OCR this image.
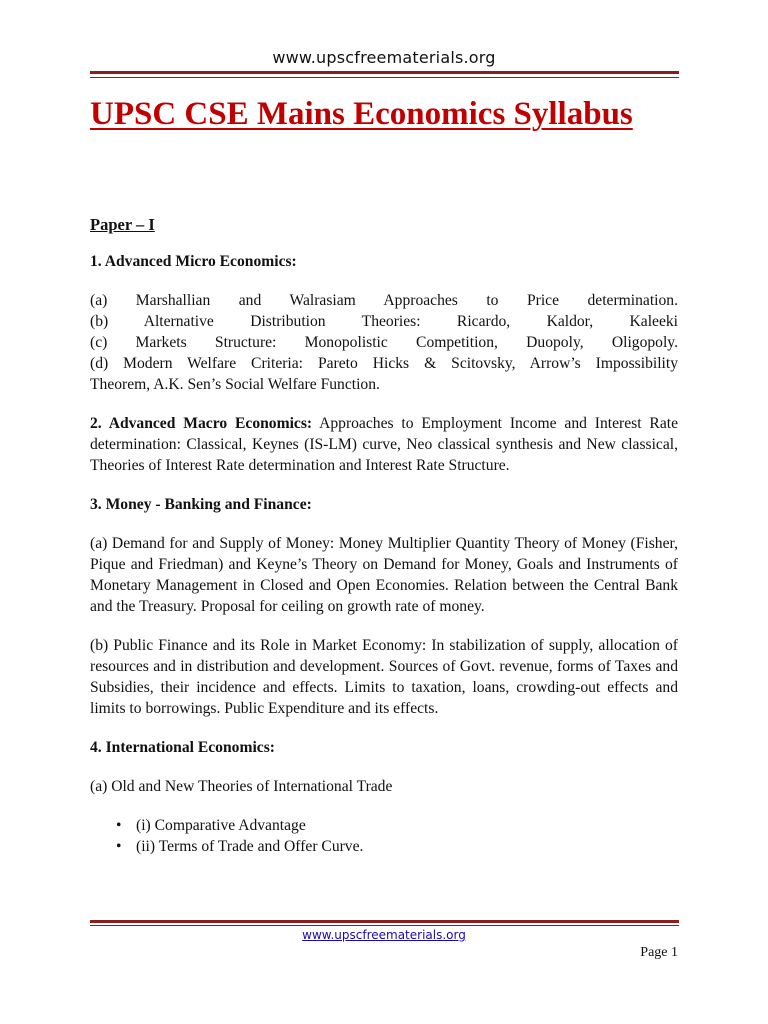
www.upscfreematerials.org
UPSC CSE Mains Economics Syllabus
Paper – I
1. Advanced Micro Economics:
(a) Marshallian and Walrasiam Approaches to Price determination.
(b) Alternative Distribution Theories: Ricardo, Kaldor, Kaleeki
(c) Markets Structure: Monopolistic Competition, Duopoly, Oligopoly.
(d) Modern Welfare Criteria: Pareto Hicks & Scitovsky, Arrow’s Impossibility
Theorem, A.K. Sen’s Social Welfare Function.
2. Advanced Macro Economics: Approaches to Employment Income and Interest Rate determination: Classical, Keynes (IS-LM) curve, Neo classical synthesis and New classical, Theories of Interest Rate determination and Interest Rate Structure.
3. Money - Banking and Finance:
(a) Demand for and Supply of Money: Money Multiplier Quantity Theory of Money (Fisher, Pique and Friedman) and Keyne’s Theory on Demand for Money, Goals and Instruments of Monetary Management in Closed and Open Economies. Relation between the Central Bank and the Treasury. Proposal for ceiling on growth rate of money.
(b) Public Finance and its Role in Market Economy: In stabilization of supply, allocation of resources and in distribution and development. Sources of Govt. revenue, forms of Taxes and Subsidies, their incidence and effects. Limits to taxation, loans, crowding-out effects and limits to borrowings. Public Expenditure and its effects.
4. International Economics:
(a) Old and New Theories of International Trade
• (i) Comparative Advantage
• (ii) Terms of Trade and Offer Curve.
www.upscfreematerials.org
Page 1
